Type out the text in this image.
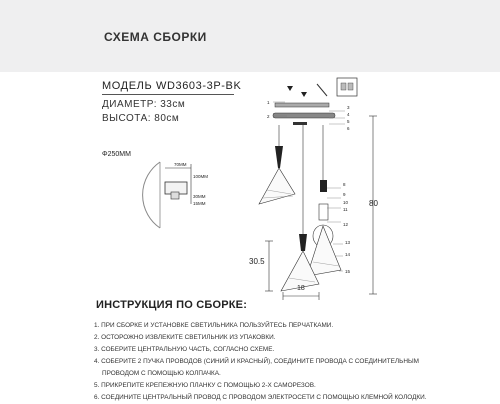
СХЕМА СБОРКИ
МОДЕЛЬ WD3603-3P-BK
ДИАМЕТР: 33см
ВЫСОТА: 80см
Φ250ММ
70ММ
100ММ
30ММ
15ММ
1
2
3
4
5
6
8
9
10
11
12
13
14
15
80
30.5
18
ИНСТРУКЦИЯ ПО СБОРКЕ:
1. ПРИ СБОРКЕ И УСТАНОВКЕ СВЕТИЛЬНИКА ПОЛЬЗУЙТЕСЬ ПЕРЧАТКАМИ.
2. ОСТОРОЖНО ИЗВЛЕКИТЕ СВЕТИЛЬНИК ИЗ УПАКОВКИ.
3. СОБЕРИТЕ ЦЕНТРАЛЬНУЮ ЧАСТЬ, СОГЛАСНО СХЕМЕ.
4. СОБЕРИТЕ 2 ПУЧКА ПРОВОДОВ (СИНИЙ И КРАСНЫЙ), СОЕДИНИТЕ ПРОВОДА С СОЕДИНИТЕЛЬНЫМ
ПРОВОДОМ С ПОМОЩЬЮ КОЛПАЧКА.
5. ПРИКРЕПИТЕ КРЕПЕЖНУЮ ПЛАНКУ С ПОМОЩЬЮ 2-Х САМОРЕЗОВ.
6. СОЕДИНИТЕ ЦЕНТРАЛЬНЫЙ ПРОВОД С ПРОВОДОМ ЭЛЕКТРОСЕТИ С ПОМОЩЬЮ КЛЕМНОЙ КОЛОДКИ.
